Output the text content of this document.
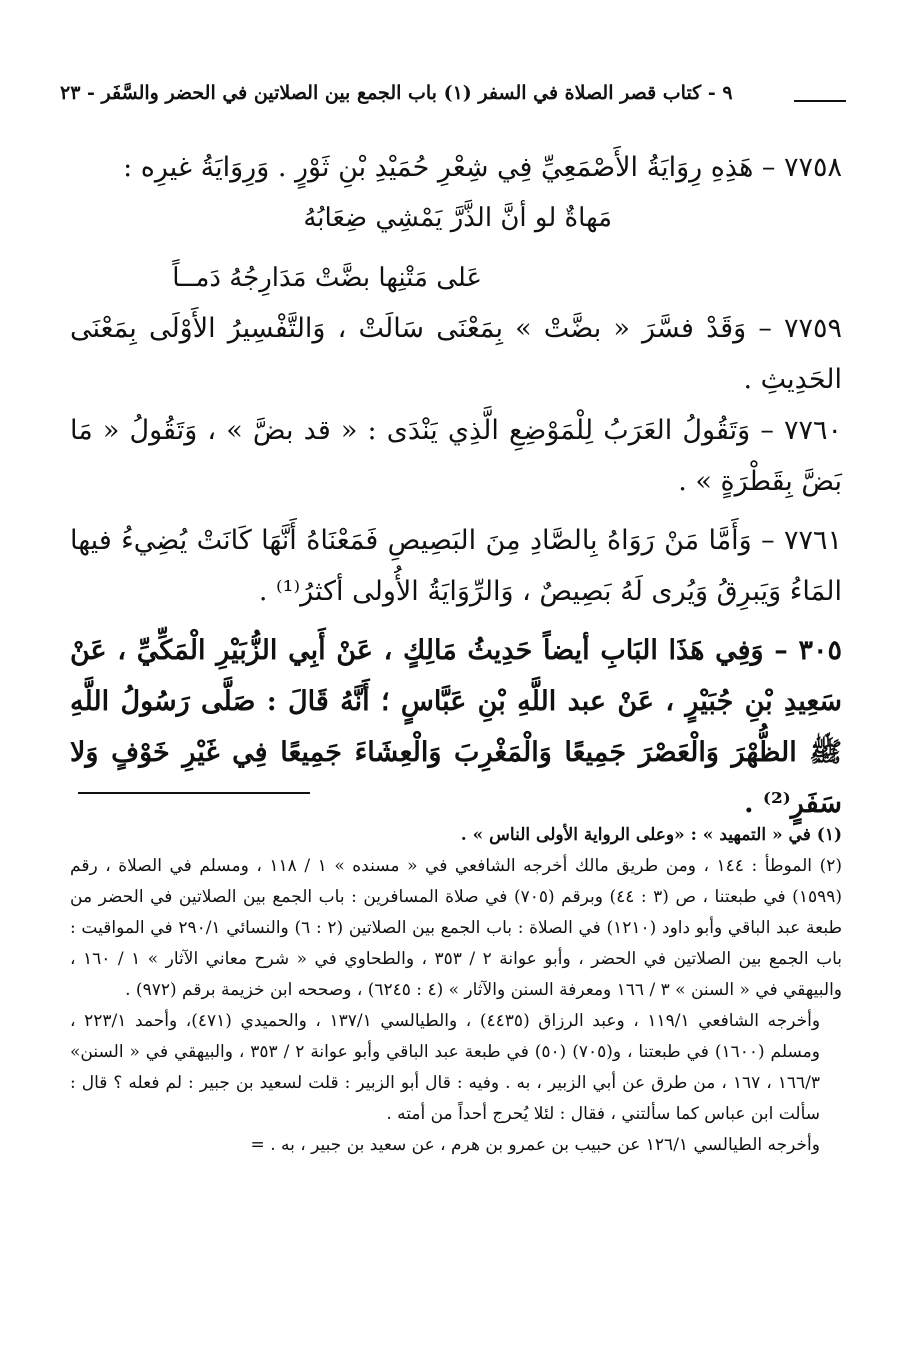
٩ - كتاب قصر الصلاة في السفر (١) باب الجمع بين الصلاتين في الحضر والسَّفَر - ٢٣

٧٧٥٨ – هَذِهِ رِوَايَةُ الأَصْمَعِيِّ فِي شِعْرِ حُمَيْدِ بْنِ ثَوْرٍ . وَرِوَايَةُ غيرِه :

مَهاةٌ لو أنَّ الذَّرَّ يَمْشِي ضِعَابُهُ

عَلى مَتْنِها بضَّتْ مَدَارِجُهُ دَمــاً

٧٧٥٩ – وَقَدْ فسَّرَ « بضَّتْ » بِمَعْنَى سَالَتْ ، وَالتَّفْسِيرُ الأَوْلَى بِمَعْنَى الحَدِيثِ .

٧٧٦٠ – وَتَقُولُ العَرَبُ لِلْمَوْضِعِ الَّذِي يَنْدَى : « قد بضَّ » ، وَتَقُولُ « مَا بَضَّ بِقَطْرَةٍ » .

٧٧٦١ – وَأَمَّا مَنْ رَوَاهُ بِالصَّادِ مِنَ البَصِيصِ فَمَعْنَاهُ أَنَّهَا كَانَتْ يُضِيءُ فيها المَاءُ وَيَبرِقُ وَيُرى لَهُ بَصِيصٌ ، وَالرِّوَايَةُ الأُولى أكثرُ⁽¹⁾ .

٣٠٥ – وَفِي هَذَا البَابِ أيضاً حَدِيثُ مَالِكٍ ، عَنْ أَبِي الزُّبَيْرِ الْمَكِّيِّ ، عَنْ سَعِيدِ بْنِ جُبَيْرٍ ، عَنْ عبد اللَّهِ بْنِ عَبَّاسٍ ؛ أَنَّهُ قَالَ : صَلَّى رَسُولُ اللَّهِ ﷺ الظُّهْرَ وَالْعَصْرَ جَمِيعًا وَالْمَغْرِبَ وَالْعِشَاءَ جَمِيعًا فِي غَيْرِ خَوْفٍ وَلا سَفَرٍ⁽²⁾ .

(١) في « التمهيد » : «وعلى الرواية الأولى الناس » .

(٢) الموطأ : ١٤٤ ، ومن طريق مالك أخرجه الشافعي في « مسنده » ١ / ١١٨ ، ومسلم في الصلاة ، رقم (١٥٩٩) في طبعتنا ، ص (٣ : ٤٤) وبرقم (٧٠٥) في صلاة المسافرين : باب الجمع بين الصلاتين في الحضر من طبعة عبد الباقي وأبو داود (١٢١٠) في الصلاة : باب الجمع بين الصلاتين (٢ : ٦) والنسائي ٢٩٠/١ في المواقيت : باب الجمع بين الصلاتين في الحضر ، وأبو عوانة ٢ / ٣٥٣ ، والطحاوي في « شرح معاني الآثار » ١ / ١٦٠ ، والبيهقي في « السنن » ٣ / ١٦٦ ومعرفة السنن والآثار » (٤ : ٦٢٤٥) ، وصححه ابن خزيمة برقم (٩٧٢) .

وأخرجه الشافعي ١١٩/١ ، وعبد الرزاق (٤٤٣٥) ، والطيالسي ١٣٧/١ ، والحميدي (٤٧١)، وأحمد ٢٢٣/١ ، ومسلم (١٦٠٠) في طبعتنا ، و(٧٠٥) (٥٠) في طبعة عبد الباقي وأبو عوانة ٢ / ٣٥٣ ، والبيهقي في « السنن» ١٦٦/٣ ، ١٦٧ ، من طرق عن أبي الزبير ، به . وفيه : قال أبو الزبير : قلت لسعيد بن جبير : لم فعله ؟ قال : سألت ابن عباس كما سألتني ، فقال : لئلا يُحرج أحداً من أمته .

وأخرجه الطيالسي ١٢٦/١ عن حبيب بن عمرو بن هرم ، عن سعيد بن جبير ، به . =
